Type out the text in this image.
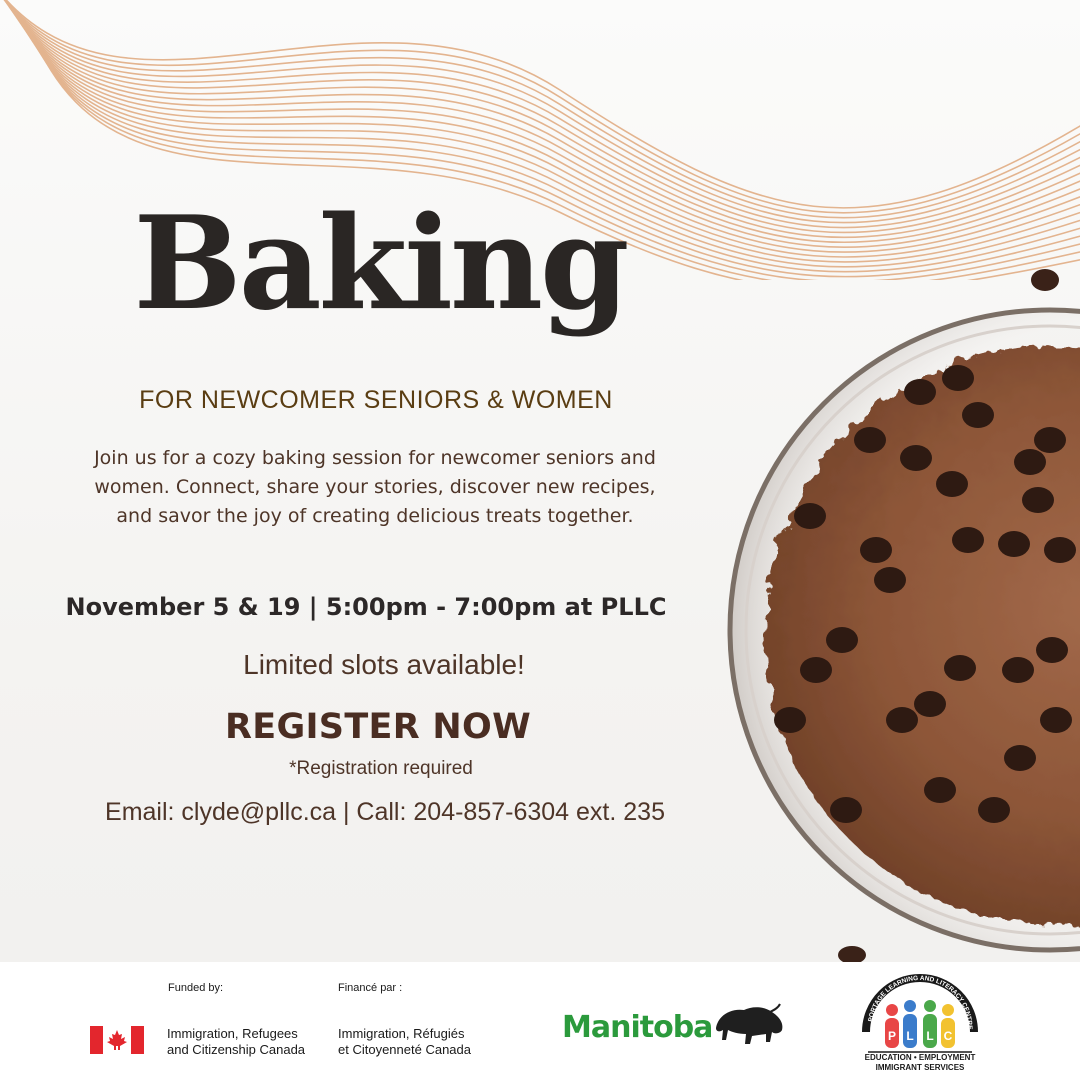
Baking
FOR NEWCOMER SENIORS & WOMEN
Join us for a cozy baking session for newcomer seniors and women. Connect, share your stories, discover new recipes, and savor the joy of creating delicious treats together.
November 5 & 19 | 5:00pm - 7:00pm at PLLC
Limited slots available!
REGISTER NOW
*Registration required
Email: clyde@pllc.ca | Call: 204-857-6304 ext. 235
Funded by:	Financé par :
Immigration, Refugees
and Citizenship Canada
Immigration, Réfugiés
et Citoyenneté Canada
Manitoba	PORTAGE LEARNING AND LITERACY CENTRE
P L L C
EDUCATION • EMPLOYMENT
IMMIGRANT SERVICES
